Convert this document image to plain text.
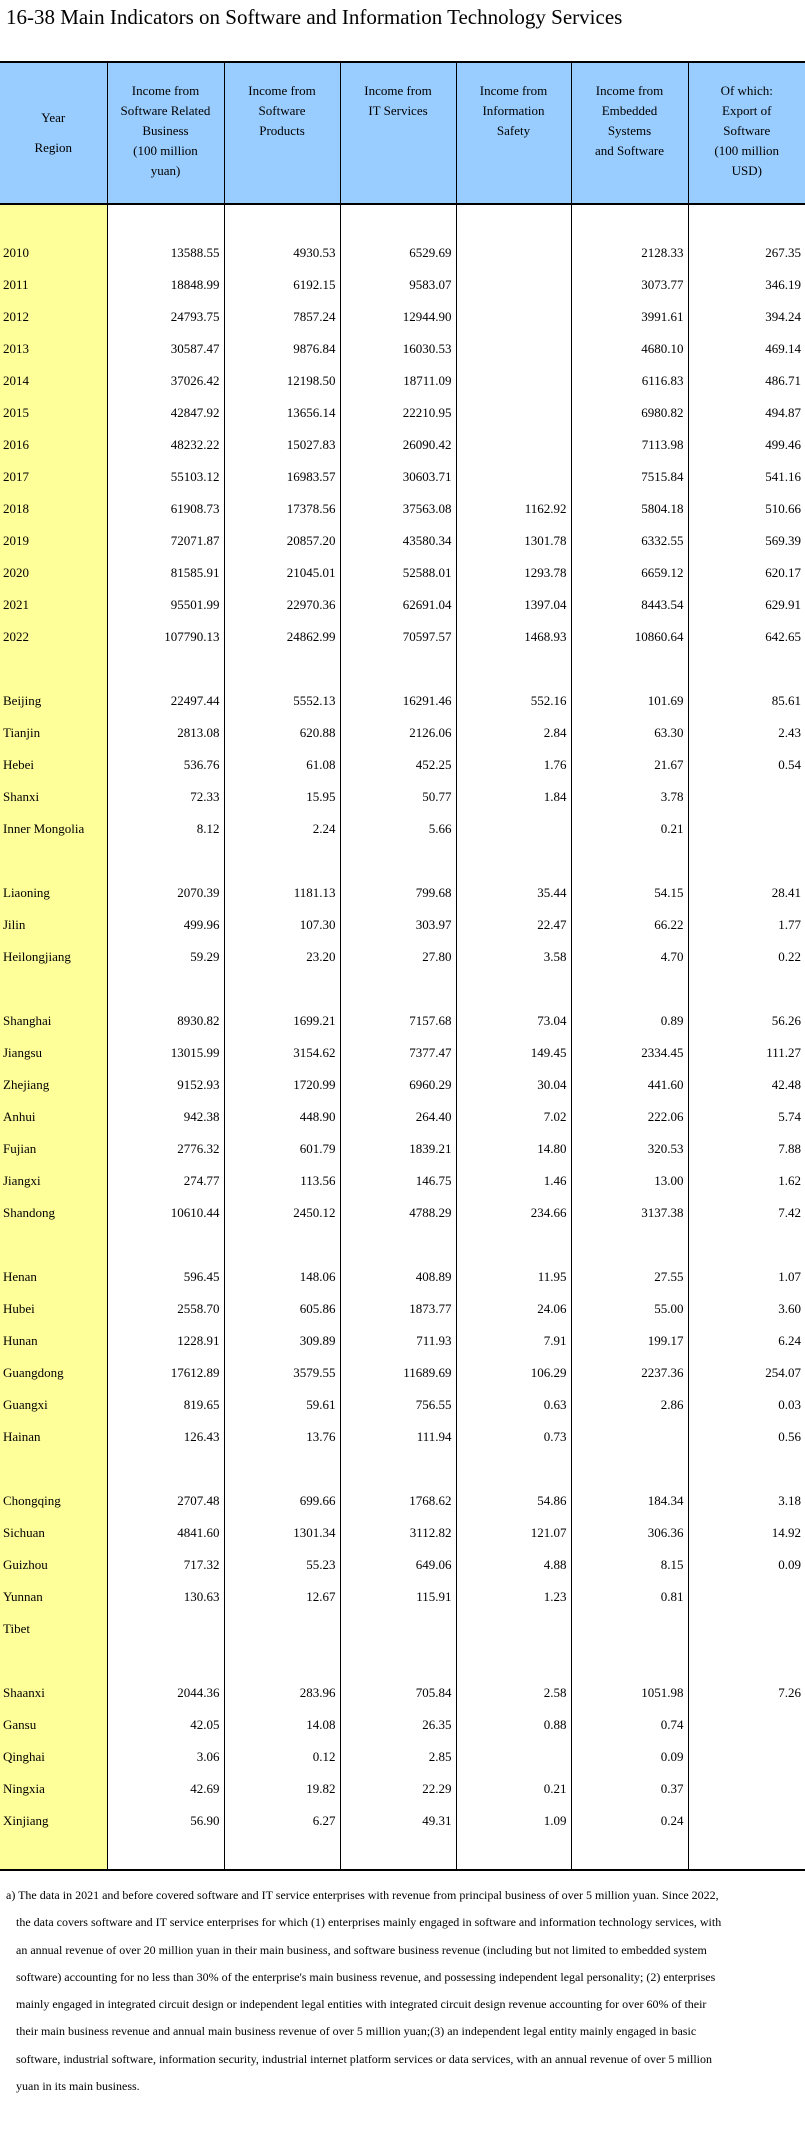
16-38 Main Indicators on Software and Information Technology Services
Year
Region	Income from
Software Related
Business
(100 million
yuan)	Income from
Software
Products	Income from
IT Services	Income from
Information
Safety	Income from
Embedded
Systems
and Software	Of which:
Export of
Software
(100 million
USD)

2010	13588.55	4930.53	6529.69		2128.33	267.35
2011	18848.99	6192.15	9583.07		3073.77	346.19
2012	24793.75	7857.24	12944.90		3991.61	394.24
2013	30587.47	9876.84	16030.53		4680.10	469.14
2014	37026.42	12198.50	18711.09		6116.83	486.71
2015	42847.92	13656.14	22210.95		6980.82	494.87
2016	48232.22	15027.83	26090.42		7113.98	499.46
2017	55103.12	16983.57	30603.71		7515.84	541.16
2018	61908.73	17378.56	37563.08	1162.92	5804.18	510.66
2019	72071.87	20857.20	43580.34	1301.78	6332.55	569.39
2020	81585.91	21045.01	52588.01	1293.78	6659.12	620.17
2021	95501.99	22970.36	62691.04	1397.04	8443.54	629.91
2022	107790.13	24862.99	70597.57	1468.93	10860.64	642.65

Beijing	22497.44	5552.13	16291.46	552.16	101.69	85.61
Tianjin	2813.08	620.88	2126.06	2.84	63.30	2.43
Hebei	536.76	61.08	452.25	1.76	21.67	0.54
Shanxi	72.33	15.95	50.77	1.84	3.78	
Inner Mongolia	8.12	2.24	5.66		0.21	

Liaoning	2070.39	1181.13	799.68	35.44	54.15	28.41
Jilin	499.96	107.30	303.97	22.47	66.22	1.77
Heilongjiang	59.29	23.20	27.80	3.58	4.70	0.22

Shanghai	8930.82	1699.21	7157.68	73.04	0.89	56.26
Jiangsu	13015.99	3154.62	7377.47	149.45	2334.45	111.27
Zhejiang	9152.93	1720.99	6960.29	30.04	441.60	42.48
Anhui	942.38	448.90	264.40	7.02	222.06	5.74
Fujian	2776.32	601.79	1839.21	14.80	320.53	7.88
Jiangxi	274.77	113.56	146.75	1.46	13.00	1.62
Shandong	10610.44	2450.12	4788.29	234.66	3137.38	7.42

Henan	596.45	148.06	408.89	11.95	27.55	1.07
Hubei	2558.70	605.86	1873.77	24.06	55.00	3.60
Hunan	1228.91	309.89	711.93	7.91	199.17	6.24
Guangdong	17612.89	3579.55	11689.69	106.29	2237.36	254.07
Guangxi	819.65	59.61	756.55	0.63	2.86	0.03
Hainan	126.43	13.76	111.94	0.73		0.56

Chongqing	2707.48	699.66	1768.62	54.86	184.34	3.18
Sichuan	4841.60	1301.34	3112.82	121.07	306.36	14.92
Guizhou	717.32	55.23	649.06	4.88	8.15	0.09
Yunnan	130.63	12.67	115.91	1.23	0.81	
Tibet						

Shaanxi	2044.36	283.96	705.84	2.58	1051.98	7.26
Gansu	42.05	14.08	26.35	0.88	0.74	
Qinghai	3.06	0.12	2.85		0.09	
Ningxia	42.69	19.82	22.29	0.21	0.37	
Xinjiang	56.90	6.27	49.31	1.09	0.24	

a) The data in 2021 and before covered software and IT service enterprises with revenue from principal business of over 5 million yuan. Since 2022,
the data covers software and IT service enterprises for which (1) enterprises mainly engaged in software and information technology services, with
an annual revenue of over 20 million yuan in their main business, and software business revenue (including but not limited to embedded system
software) accounting for no less than 30% of the enterprise's main business revenue, and possessing independent legal personality; (2) enterprises
mainly engaged in integrated circuit design or independent legal entities with integrated circuit design revenue accounting for over 60% of their
their main business revenue and annual main business revenue of over 5 million yuan;(3) an independent legal entity mainly engaged in basic
software, industrial software, information security, industrial internet platform services or data services, with an annual revenue of over 5 million
yuan in its main business.
